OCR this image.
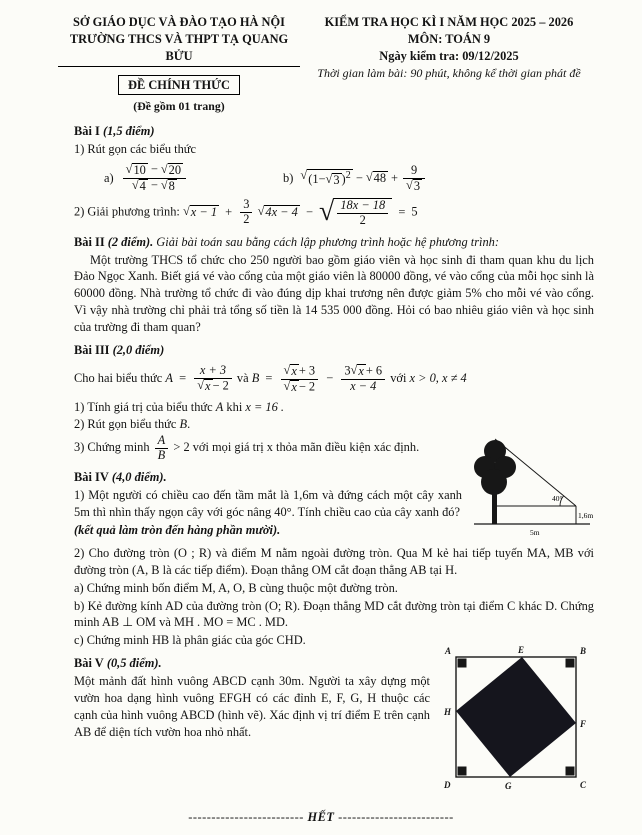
SỞ GIÁO DỤC VÀ ĐÀO TẠO HÀ NỘI
TRƯỜNG THCS VÀ THPT TẠ QUANG BỬU
ĐỀ CHÍNH THỨC
(Đề gồm 01 trang)
KIỂM TRA HỌC KÌ I NĂM HỌC 2025 – 2026
MÔN: TOÁN 9
Ngày kiểm tra: 09/12/2025
Thời gian làm bài: 90 phút, không kể thời gian phát đề
Bài I (1,5 điểm)
1) Rút gọn các biểu thức
a) √ 10 − √ 20
√ 4 − √ 8	b) √ (1− √ 3 )$^2$ − √ 48 + 9
√ 3
2) Giải phương trình: √ $x - 1 + \frac{3}{2}$
√ 4x − 4 − √ $\frac{18x - 18}{2} = 5$
Bài II (2 điểm). Giải bài toán sau bằng cách lập phương trình hoặc hệ phương trình:

Một trường THCS tổ chức cho 250 người bao gồm giáo viên và học sinh đi tham quan khu du lịch Đảo Ngọc Xanh. Biết giá vé vào cổng của một giáo viên là 80000 đồng, vé vào cổng của mỗi học sinh là 60000 đồng. Nhà trường tổ chức đi vào đúng dịp khai trương nên được giảm 5% cho mỗi vé vào cổng. Vì vậy nhà trường chỉ phải trả tổng số tiền là 14 535 000 đồng. Hỏi có bao nhiêu giáo viên và học sinh của trường đi tham quan?

Bài III (2,0 điểm)
Cho hai biểu thức A = x + 3
√ x − 2 và B = √ x + 3
√ $x - 2 - \frac{3 √ x + 6}{x - 4}$ với x > 0, x ≠ 4
1) Tính giá trị của biểu thức A khi x = 16 .
2) Rút gọn biểu thức B.
3) Chứng minh $\frac{A}{B} > 2$ với mọi giá trị x thỏa mãn điều kiện xác định.
40°
1,6m
5m
Bài IV (4,0 điểm).

1) Một người có chiều cao đến tầm mắt là 1,6m và đứng cách một cây xanh 5m thì nhìn thấy ngọn cây với góc nâng 40°. Tính chiều cao của cây xanh đó?

(kết quả làm tròn đến hàng phần mười).

2) Cho đường tròn (O ; R) và điểm M nằm ngoài đường tròn. Qua M kẻ hai tiếp tuyến MA, MB với đường tròn (A, B là các tiếp điểm). Đoạn thẳng OM cắt đoạn thẳng AB tại H.

a) Chứng minh bốn điểm M, A, O, B cùng thuộc một đường tròn.

b) Kẻ đường kính AD của đường tròn (O; R). Đoạn thẳng MD cắt đường tròn tại điểm C khác D. Chứng minh AB ⊥ OM và MH . MO = MC . MD.

c) Chứng minh HB là phân giác của góc CHD.
A	E	B
F
C
G
D
H
Bài V (0,5 điểm).

Một mảnh đất hình vuông ABCD cạnh 30m. Người ta xây dựng một vườn hoa dạng hình vuông EFGH có các đỉnh E, F, G, H thuộc các cạnh của hình vuông ABCD (hình vẽ). Xác định vị trí điểm E trên cạnh AB để diện tích vườn hoa nhỏ nhất.

------------------------- HẾT -------------------------
